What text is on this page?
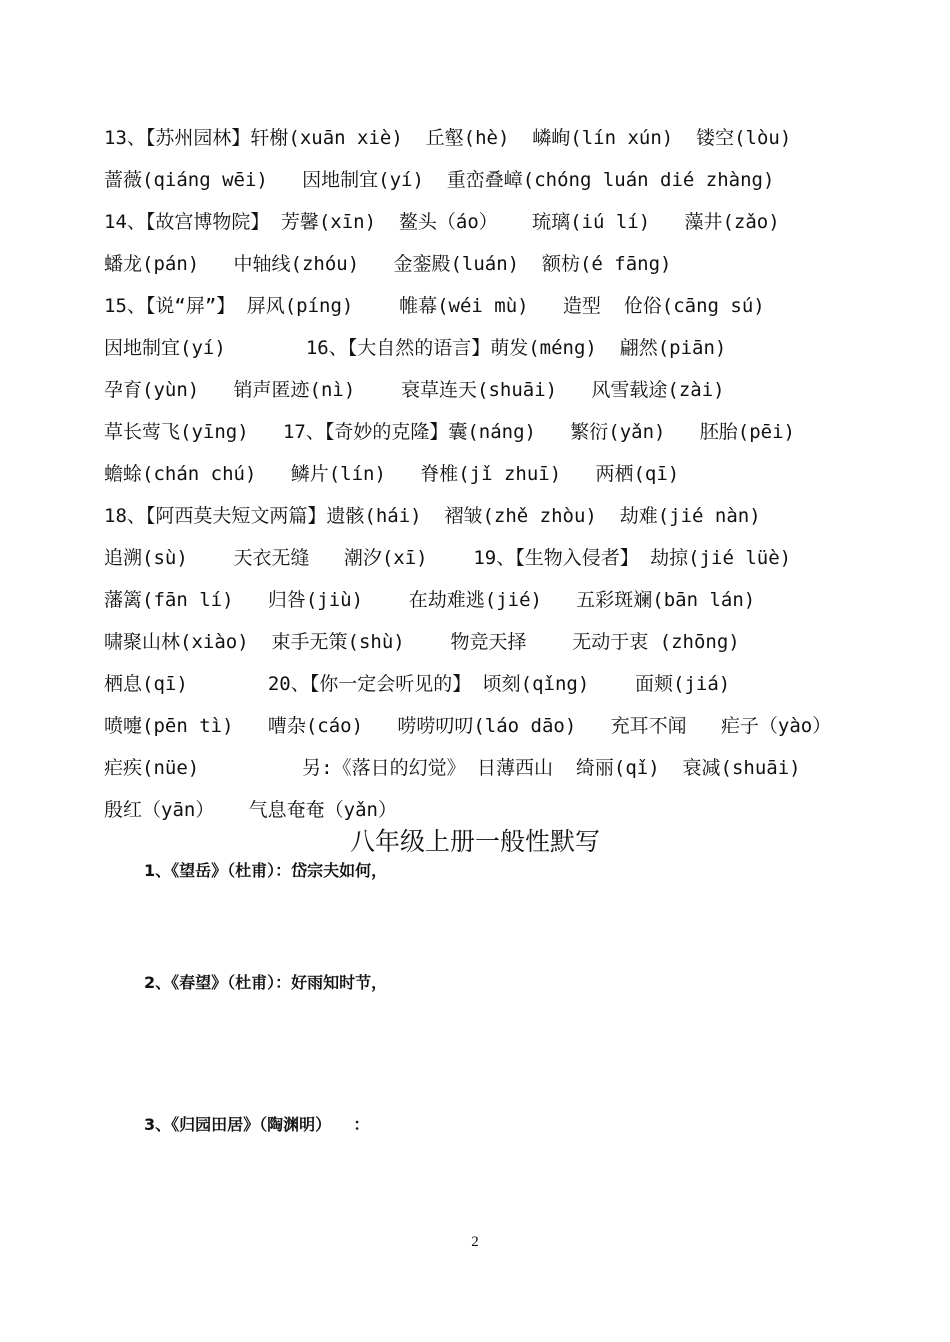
13、【苏州园林】轩榭(xuān xiè)  丘壑(hè)  嶙峋(lín xún)  镂空(lòu)
蔷薇(qiáng wēi)   因地制宜(yí)  重峦叠嶂(chóng luán dié zhàng)
14、【故宫博物院】 芳馨(xīn)  鳌头（áo）   琉璃(iú lí)   藻井(zǎo)
蟠龙(pán)   中轴线(zhóu)   金銮殿(luán)  额枋(é fāng)
15、【说“屏”】 屏风(píng)    帷幕(wéi mù)   造型  伧俗(cāng sú)
因地制宜(yí)       16、【大自然的语言】萌发(méng)  翩然(piān)
孕育(yùn)   销声匿迹(nì)    衰草连天(shuāi)   风雪载途(zài)
草长莺飞(yīng)   17、【奇妙的克隆】囊(náng)   繁衍(yǎn)   胚胎(pēi)
蟾蜍(chán chú)   鳞片(lín)   脊椎(jǐ zhuī)   两栖(qī)
18、【阿西莫夫短文两篇】遗骸(hái)  褶皱(zhě zhòu)  劫难(jié nàn)
追溯(sù)    天衣无缝   潮汐(xī)    19、【生物入侵者】 劫掠(jié lüè)
藩篱(fān lí)   归咎(jiù)    在劫难逃(jié)   五彩斑斓(bān lán)
啸聚山林(xiào)  束手无策(shù)    物竞天择    无动于衷 (zhōng)
栖息(qī)       20、【你一定会听见的】 顷刻(qǐng)    面颊(jiá)
喷嚏(pēn tì)   嘈杂(cáo)   唠唠叨叨(láo dāo)   充耳不闻   疟子（yào）
疟疾(nüe)         另:《落日的幻觉》 日薄西山  绮丽(qǐ)  衰减(shuāi)
殷红（yān）   气息奄奄（yǎn）
八年级上册一般性默写
1、《望岳》（杜甫）：岱宗夫如何，
2、《春望》（杜甫）：好雨知时节，
3、《归园田居》（陶渊明）    ：
2
